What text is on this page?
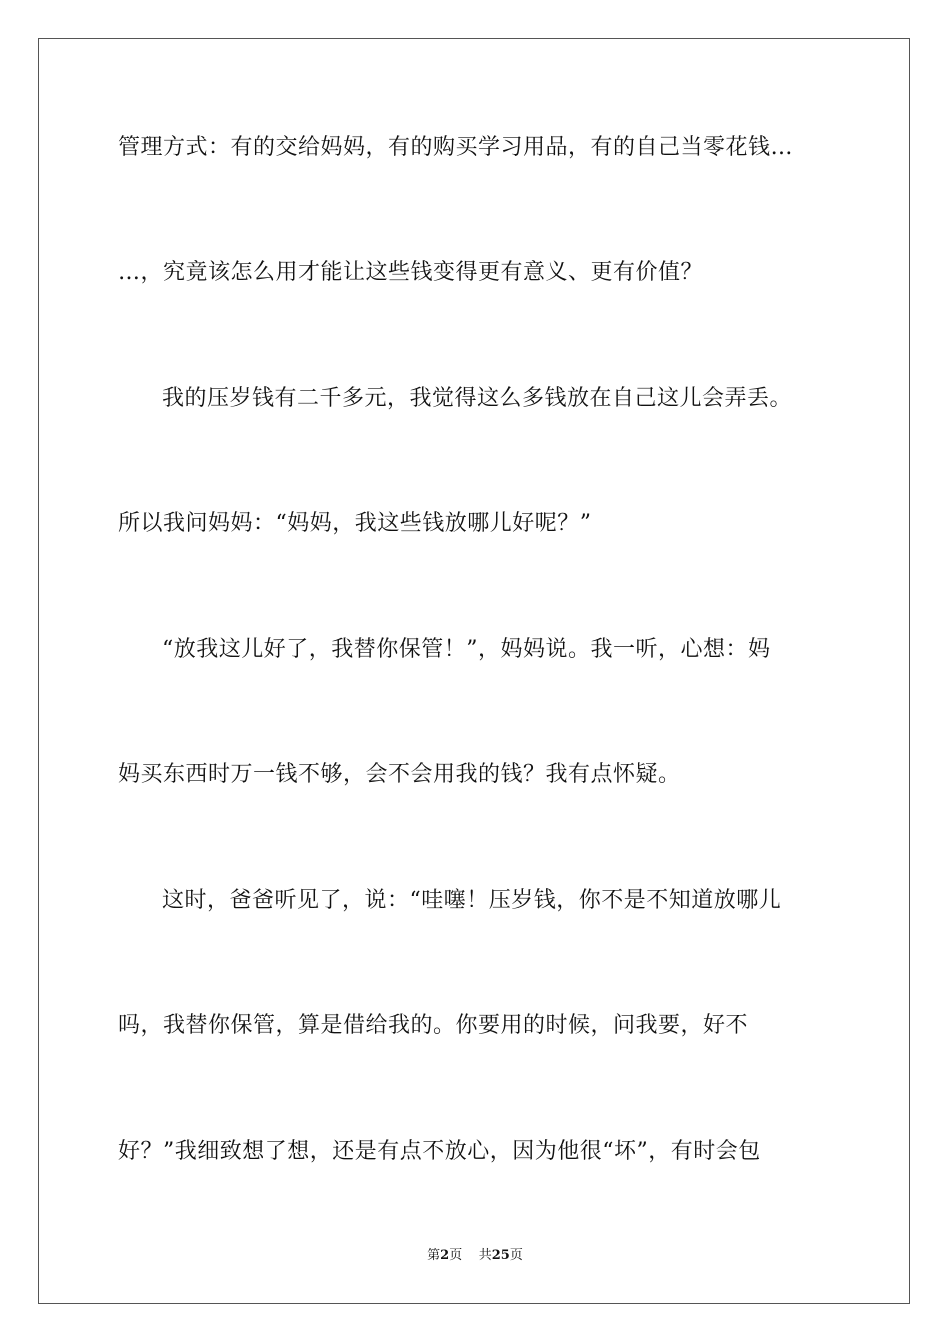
管理方式：有的交给妈妈，有的购买学习用品，有的自己当零花钱…
…，究竟该怎么用才能让这些钱变得更有意义、更有价值？
我的压岁钱有二千多元，我觉得这么多钱放在自己这儿会弄丢。
所以我问妈妈：“妈妈，我这些钱放哪儿好呢？”
“放我这儿好了，我替你保管！”，妈妈说。我一听，心想：妈
妈买东西时万一钱不够，会不会用我的钱？我有点怀疑。
这时，爸爸听见了，说：“哇噻！压岁钱，你不是不知道放哪儿
吗，我替你保管，算是借给我的。你要用的时候，问我要，好不
好？”我细致想了想，还是有点不放心，因为他很“坏”，有时会包
第2页 共25页
